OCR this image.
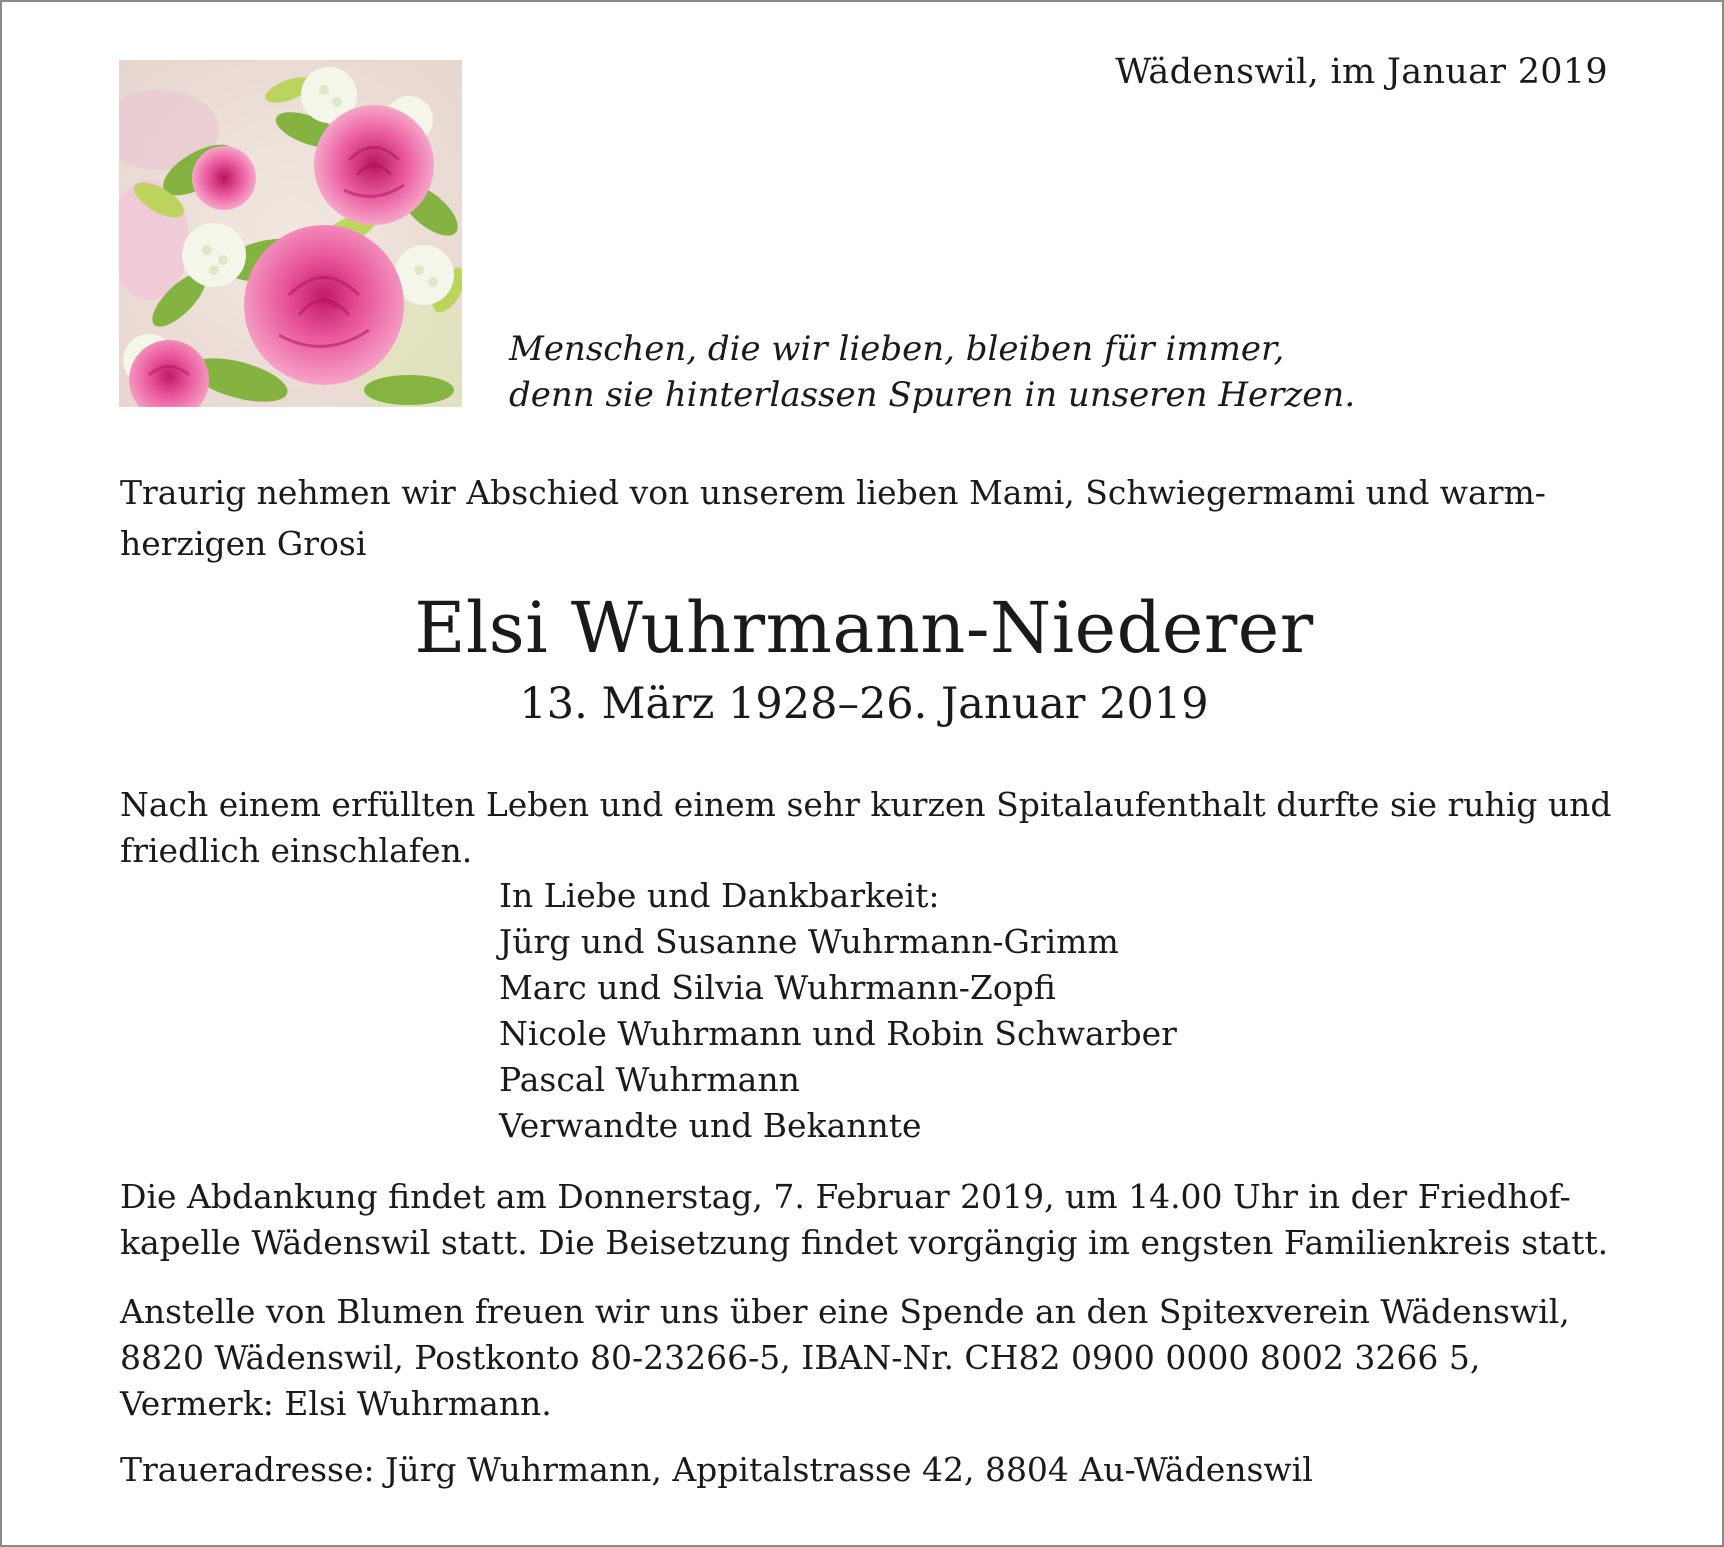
Wädenswil, im Januar 2019
Menschen, die wir lieben, bleiben für immer,
denn sie hinterlassen Spuren in unseren Herzen.
Traurig nehmen wir Abschied von unserem lieben Mami, Schwiegermami und warm-
herzigen Grosi
Elsi Wuhrmann-Niederer
13. März 1928–26. Januar 2019
Nach einem erfüllten Leben und einem sehr kurzen Spitalaufenthalt durfte sie ruhig und
friedlich einschlafen.
In Liebe und Dankbarkeit:
Jürg und Susanne Wuhrmann-Grimm
Marc und Silvia Wuhrmann-Zopfi
Nicole Wuhrmann und Robin Schwarber
Pascal Wuhrmann
Verwandte und Bekannte
Die Abdankung findet am Donnerstag, 7. Februar 2019, um 14.00 Uhr in der Friedhof-
kapelle Wädenswil statt. Die Beisetzung findet vorgängig im engsten Familienkreis statt.
Anstelle von Blumen freuen wir uns über eine Spende an den Spitexverein Wädenswil,
8820 Wädenswil, Postkonto 80-23266-5, IBAN-Nr. CH82 0900 0000 8002 3266 5,
Vermerk: Elsi Wuhrmann.
Traueradresse: Jürg Wuhrmann, Appitalstrasse 42, 8804 Au-Wädenswil
